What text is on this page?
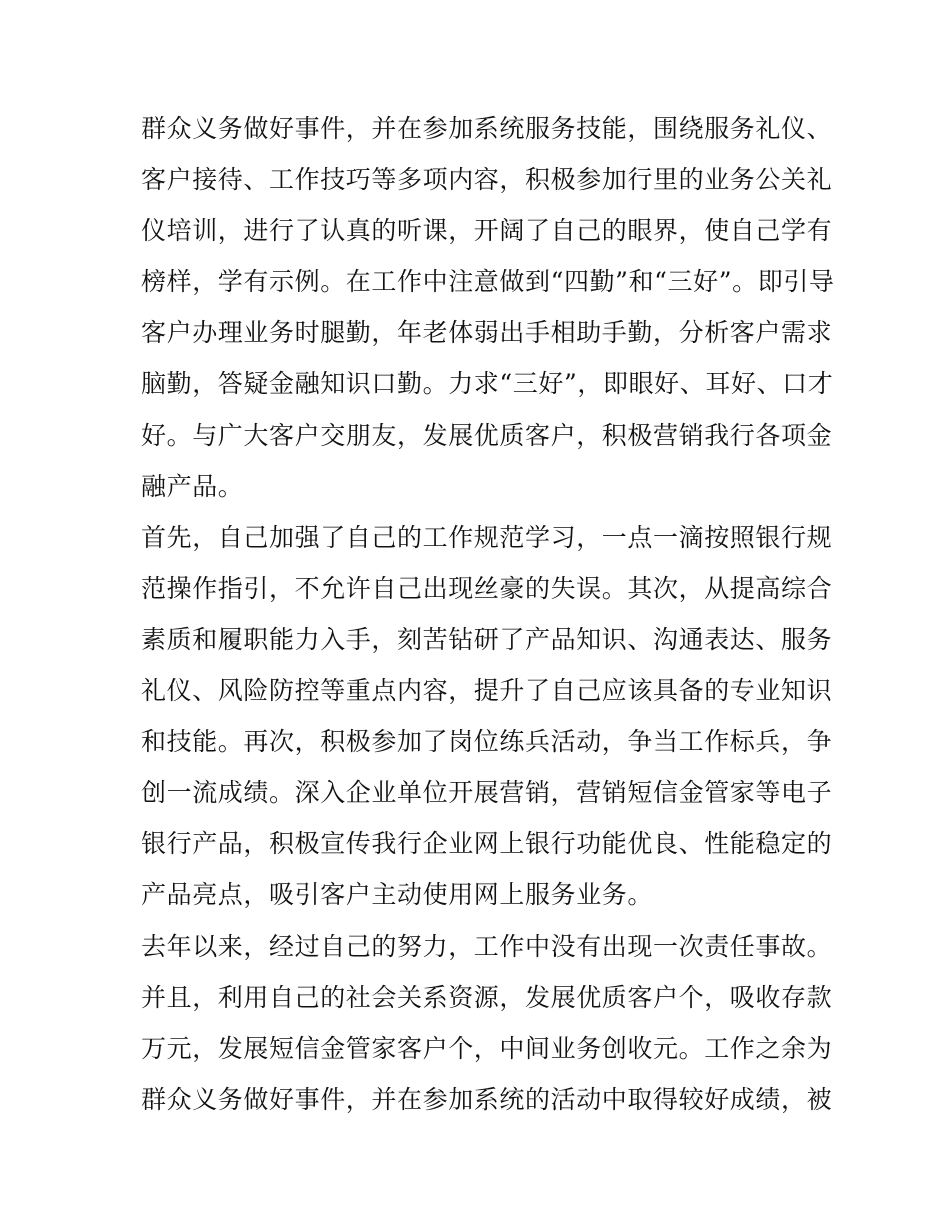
群众义务做好事件，并在参加系统服务技能，围绕服务礼仪、
客户接待、工作技巧等多项内容，积极参加行里的业务公关礼
仪培训，进行了认真的听课，开阔了自己的眼界，使自己学有
榜样，学有示例。在工作中注意做到“四勤”和“三好”。即引导
客户办理业务时腿勤，年老体弱出手相助手勤，分析客户需求
脑勤，答疑金融知识口勤。力求“三好”，即眼好、耳好、口才
好。与广大客户交朋友，发展优质客户，积极营销我行各项金
融产品。
首先，自己加强了自己的工作规范学习，一点一滴按照银行规
范操作指引，不允许自己出现丝豪的失误。其次，从提高综合
素质和履职能力入手，刻苦钻研了产品知识、沟通表达、服务
礼仪、风险防控等重点内容，提升了自己应该具备的专业知识
和技能。再次，积极参加了岗位练兵活动，争当工作标兵，争
创一流成绩。深入企业单位开展营销，营销短信金管家等电子
银行产品，积极宣传我行企业网上银行功能优良、性能稳定的
产品亮点，吸引客户主动使用网上服务业务。
去年以来，经过自己的努力，工作中没有出现一次责任事故。
并且，利用自己的社会关系资源，发展优质客户个，吸收存款
万元，发展短信金管家客户个，中间业务创收元。工作之余为
群众义务做好事件，并在参加系统的活动中取得较好成绩，被
